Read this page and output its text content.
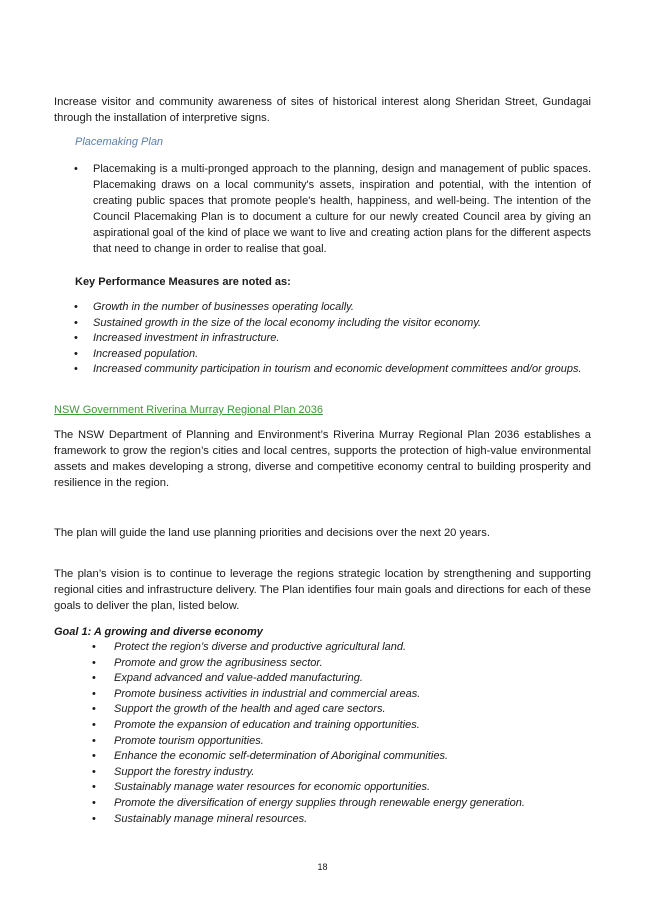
Increase visitor and community awareness of sites of historical interest along Sheridan Street, Gundagai through the installation of interpretive signs.

Placemaking Plan

• Placemaking is a multi-pronged approach to the planning, design and management of public spaces. Placemaking draws on a local community's assets, inspiration and potential, with the intention of creating public spaces that promote people's health, happiness, and well-being. The intention of the Council Placemaking Plan is to document a culture for our newly created Council area by giving an aspirational goal of the kind of place we want to live and creating action plans for the different aspects that need to change in order to realise that goal.

Key Performance Measures are noted as:

• Growth in the number of businesses operating locally.
• Sustained growth in the size of the local economy including the visitor economy.
• Increased investment in infrastructure.
• Increased population.
• Increased community participation in tourism and economic development committees and/or groups.
NSW Government Riverina Murray Regional Plan 2036

The NSW Department of Planning and Environment’s Riverina Murray Regional Plan 2036 establishes a framework to grow the region’s cities and local centres, supports the protection of high-value environmental assets and makes developing a strong, diverse and competitive economy central to building prosperity and resilience in the region.

The plan will guide the land use planning priorities and decisions over the next 20 years.

The plan’s vision is to continue to leverage the regions strategic location by strengthening and supporting regional cities and infrastructure delivery. The Plan identifies four main goals and directions for each of these goals to deliver the plan, listed below.

Goal 1: A growing and diverse economy

• Protect the region’s diverse and productive agricultural land.
• Promote and grow the agribusiness sector.
• Expand advanced and value-added manufacturing.
• Promote business activities in industrial and commercial areas.
• Support the growth of the health and aged care sectors.
• Promote the expansion of education and training opportunities.
• Promote tourism opportunities.
• Enhance the economic self-determination of Aboriginal communities.
• Support the forestry industry.
• Sustainably manage water resources for economic opportunities.
• Promote the diversification of energy supplies through renewable energy generation.
• Sustainably manage mineral resources.
18
